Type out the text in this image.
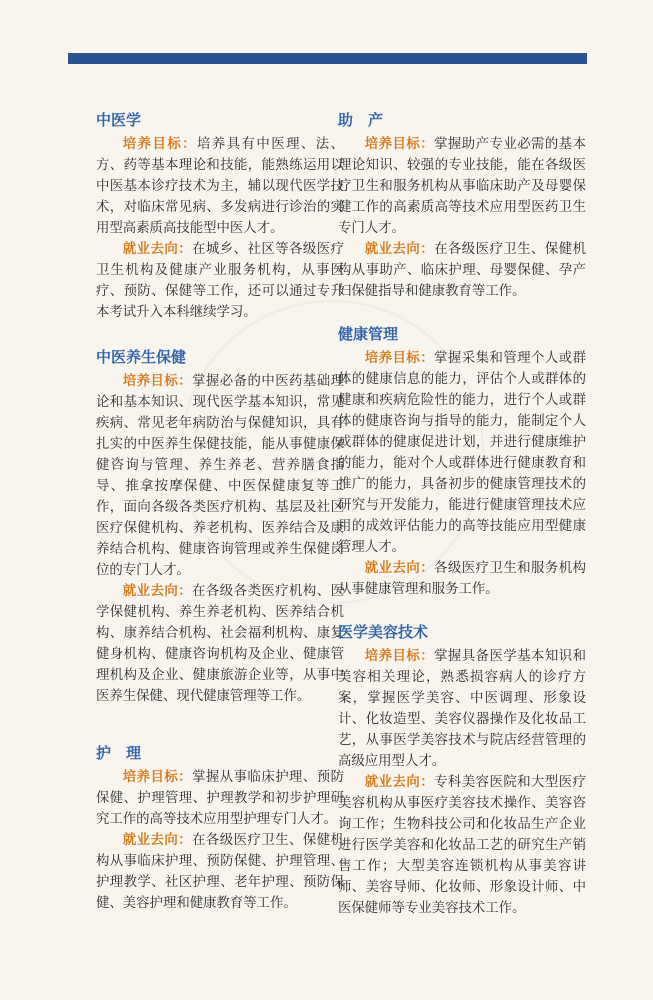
中医学

培养目标：培养具有中医理、法、方、药等基本理论和技能，能熟练运用以中医基本诊疗技术为主，辅以现代医学技术，对临床常见病、多发病进行诊治的实用型高素质高技能型中医人才。

就业去向：在城乡、社区等各级医疗卫生机构及健康产业服务机构，从事医疗、预防、保健等工作，还可以通过专升本考试升入本科继续学习。

中医养生保健

培养目标：掌握必备的中医药基础理论和基本知识、现代医学基本知识，常见疾病、常见老年病防治与保健知识，具有扎实的中医养生保健技能，能从事健康保健咨询与管理、养生养老、营养膳食指导、推拿按摩保健、中医保健康复等工作，面向各级各类医疗机构、基层及社区医疗保健机构、养老机构、医养结合及康养结合机构、健康咨询管理或养生保健岗位的专门人才。

就业去向：在各级各类医疗机构、医学保健机构、养生养老机构、医养结合机构、康养结合机构、社会福利机构、康复健身机构、健康咨询机构及企业、健康管理机构及企业、健康旅游企业等，从事中医养生保健、现代健康管理等工作。

护　理

培养目标：掌握从事临床护理、预防保健、护理管理、护理教学和初步护理研究工作的高等技术应用型护理专门人才。

就业去向：在各级医疗卫生、保健机构从事临床护理、预防保健、护理管理、护理教学、社区护理、老年护理、预防保健、美容护理和健康教育等工作。

助　产

培养目标：掌握助产专业必需的基本理论知识、较强的专业技能，能在各级医疗卫生和服务机构从事临床助产及母婴保健工作的高素质高等技术应用型医药卫生专门人才。

就业去向：在各级医疗卫生、保健机构从事助产、临床护理、母婴保健、孕产妇保健指导和健康教育等工作。

健康管理

培养目标：掌握采集和管理个人或群体的健康信息的能力，评估个人或群体的健康和疾病危险性的能力，进行个人或群体的健康咨询与指导的能力，能制定个人或群体的健康促进计划，并进行健康维护的能力，能对个人或群体进行健康教育和推广的能力，具备初步的健康管理技术的研究与开发能力，能进行健康管理技术应用的成效评估能力的高等技能应用型健康管理人才。

就业去向：各级医疗卫生和服务机构从事健康管理和服务工作。

医学美容技术

培养目标：掌握具备医学基本知识和美容相关理论，熟悉损容病人的诊疗方案，掌握医学美容、中医调理、形象设计、化妆造型、美容仪器操作及化妆品工艺，从事医学美容技术与院店经营管理的高级应用型人才。

就业去向：专科美容医院和大型医疗美容机构从事医疗美容技术操作、美容咨询工作；生物科技公司和化妆品生产企业进行医学美容和化妆品工艺的研究生产销售工作；大型美容连锁机构从事美容讲师、美容导师、化妆师、形象设计师、中医保健师等专业美容技术工作。
